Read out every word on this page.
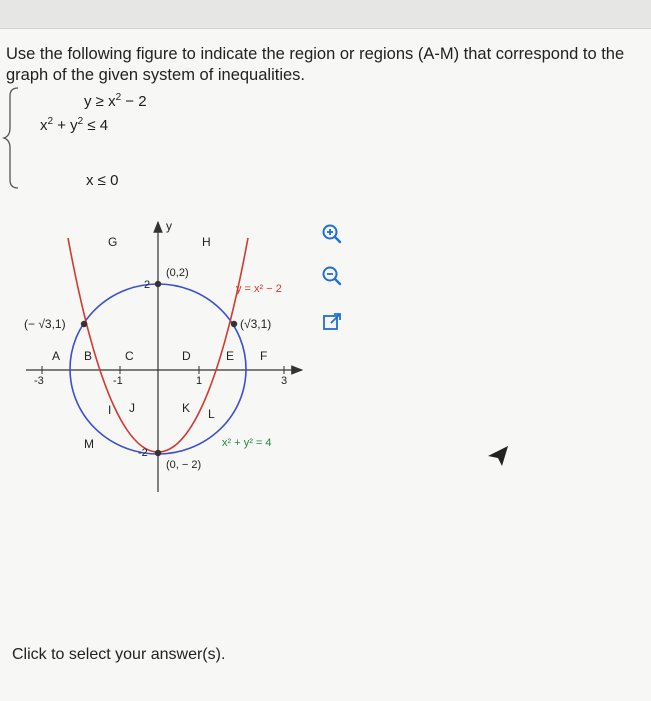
Use the following figure to indicate the region or regions (A-M) that correspond to the graph of the given system of inequalities.

$y \ge x^2 - 2$
$x^2 + y^2 \le 4$
x ≤ 0
y
-3	-1	1	3
2
-2
(0,2)
(0, − 2)
(− √3,1)	(√3,1)
y = x² − 2
x² + y² = 4
A B	C	D	E F
G	H
I J	K L
M
Click to select your answer(s).
